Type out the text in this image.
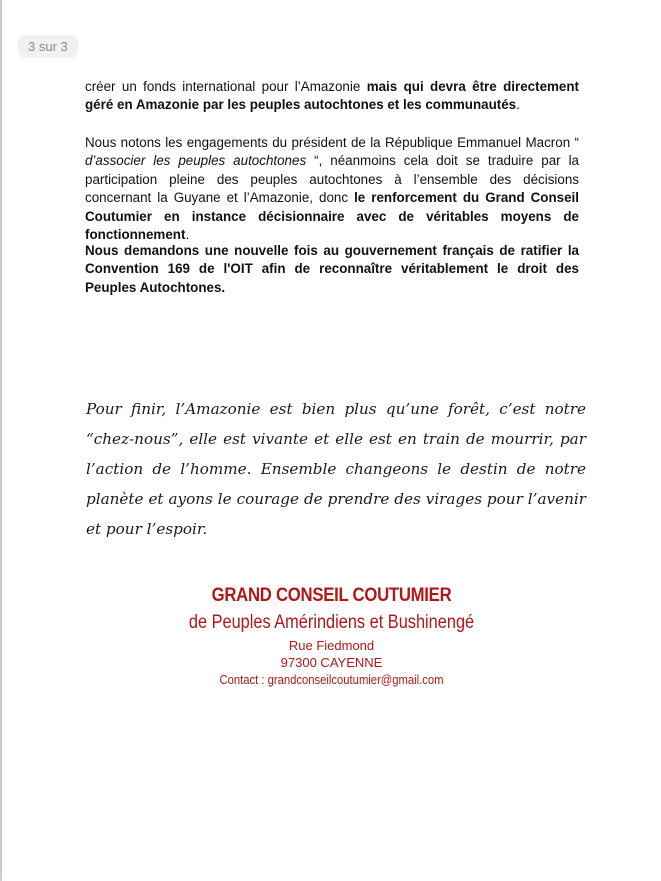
3 sur 3
créer un fonds international pour l’Amazonie mais qui devra être directement géré en Amazonie par les peuples autochtones et les communautés.
Nous notons les engagements du président de la République Emmanuel Macron “ d’associer les peuples autochtones “, néanmoins cela doit se traduire par la participation pleine des peuples autochtones à l’ensemble des décisions concernant la Guyane et l’Amazonie, donc le renforcement du Grand Conseil Coutumier en instance décisionnaire avec de véritables moyens de fonctionnement.
Nous demandons une nouvelle fois au gouvernement français de ratifier la Convention 169 de l'OIT afin de reconnaître véritablement le droit des Peuples Autochtones.
Pour finir, l’Amazonie est bien plus qu’une forêt, c’est notre “chez-nous”, elle est vivante et elle est en train de mourrir, par l’action de l’homme. Ensemble changeons le destin de notre planète et ayons le courage de prendre des virages pour l’avenir et pour l’espoir.
GRAND CONSEIL COUTUMIER
de Peuples Amérindiens et Bushinengé
Rue Fiedmond
97300 CAYENNE
Contact : grandconseilcoutumier@gmail.com
